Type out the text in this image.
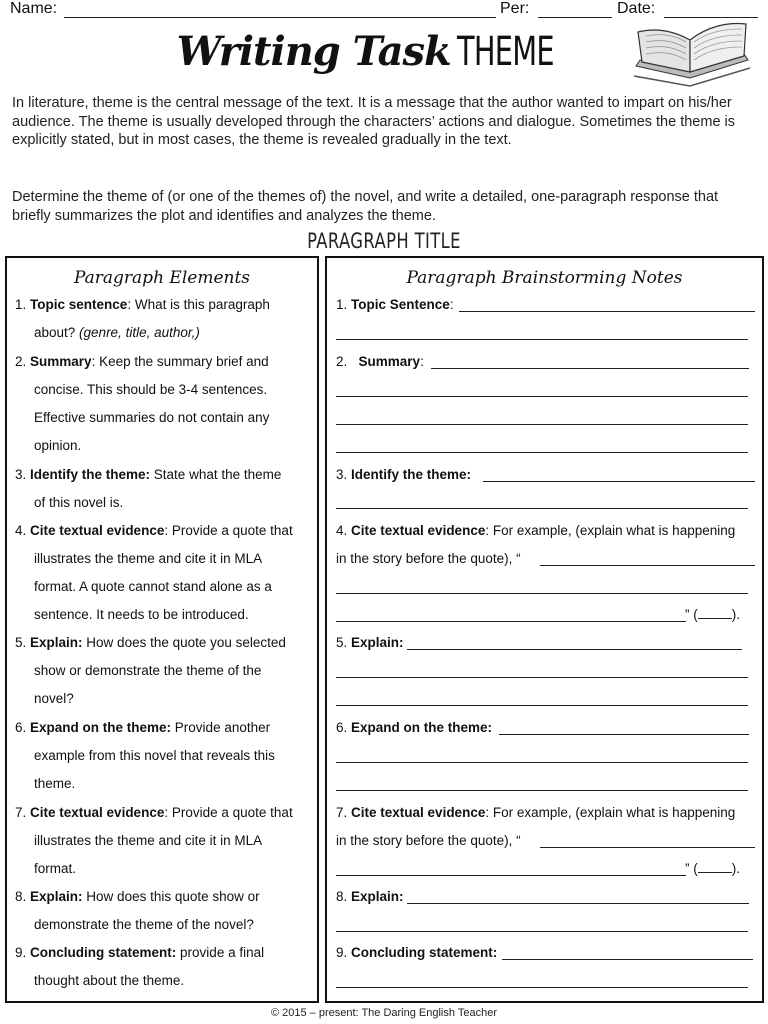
Name:	Per:	Date:
Writing Task THEME

In literature, theme is the central message of the text. It is a message that the author wanted to impart on his/her audience. The theme is usually developed through the characters’ actions and dialogue. Sometimes the theme is explicitly stated, but in most cases, the theme is revealed gradually in the text.

Determine the theme of (or one of the themes of) the novel, and write a detailed, one-paragraph response that briefly summarizes the plot and identifies and analyzes the theme.

PARAGRAPH TITLE
Paragraph Elements
1. Topic sentence: What is this paragraph
about? (genre, title, author,)
2. Summary: Keep the summary brief and
concise. This should be 3-4 sentences.
Effective summaries do not contain any
opinion.
3. Identify the theme: State what the theme
of this novel is.
4. Cite textual evidence: Provide a quote that
illustrates the theme and cite it in MLA
format. A quote cannot stand alone as a
sentence. It needs to be introduced.
5. Explain: How does the quote you selected
show or demonstrate the theme of the
novel?
6. Expand on the theme: Provide another
example from this novel that reveals this
theme.
7. Cite textual evidence: Provide a quote that
illustrates the theme and cite it in MLA
format.
8. Explain: How does this quote show or
demonstrate the theme of the novel?
9. Concluding statement: provide a final
thought about the theme.
Paragraph Brainstorming Notes
1. Topic Sentence:
2. Summary:
3. Identify the theme:
4. Cite textual evidence: For example, (explain what is happening
in the story before the quote), “
” (	).
5. Explain:
6. Expand on the theme:
7. Cite textual evidence: For example, (explain what is happening
in the story before the quote), “
” (	).
8. Explain:
9. Concluding statement:
© 2015 – present: The Daring English Teacher
